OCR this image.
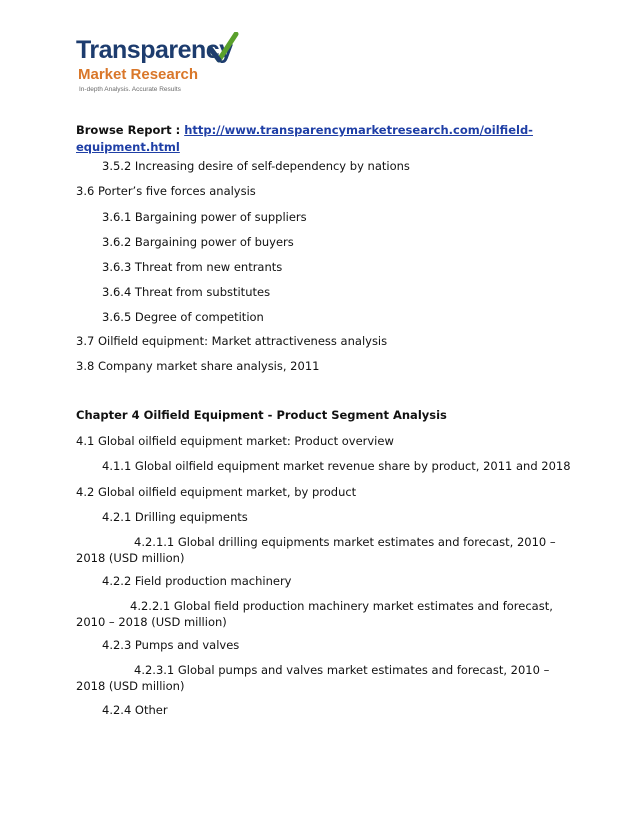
Transparency
Market Research
In-depth Analysis. Accurate Results
Browse Report : http://www.transparencymarketresearch.com/oilfield-equipment.html
3.5.2 Increasing desire of self-dependency by nations
3.6 Porter’s five forces analysis
3.6.1 Bargaining power of suppliers
3.6.2 Bargaining power of buyers
3.6.3 Threat from new entrants
3.6.4 Threat from substitutes
3.6.5 Degree of competition
3.7 Oilfield equipment: Market attractiveness analysis
3.8 Company market share analysis, 2011
Chapter 4 Oilfield Equipment - Product Segment Analysis
4.1 Global oilfield equipment market: Product overview
4.1.1 Global oilfield equipment market revenue share by product, 2011 and 2018
4.2 Global oilfield equipment market, by product
4.2.1 Drilling equipments
4.2.1.1 Global drilling equipments market estimates and forecast, 2010 – 2018 (USD million)
4.2.2 Field production machinery
4.2.2.1 Global field production machinery market estimates and forecast, 2010 – 2018 (USD million)
4.2.3 Pumps and valves
4.2.3.1 Global pumps and valves market estimates and forecast, 2010 – 2018 (USD million)
4.2.4 Other
